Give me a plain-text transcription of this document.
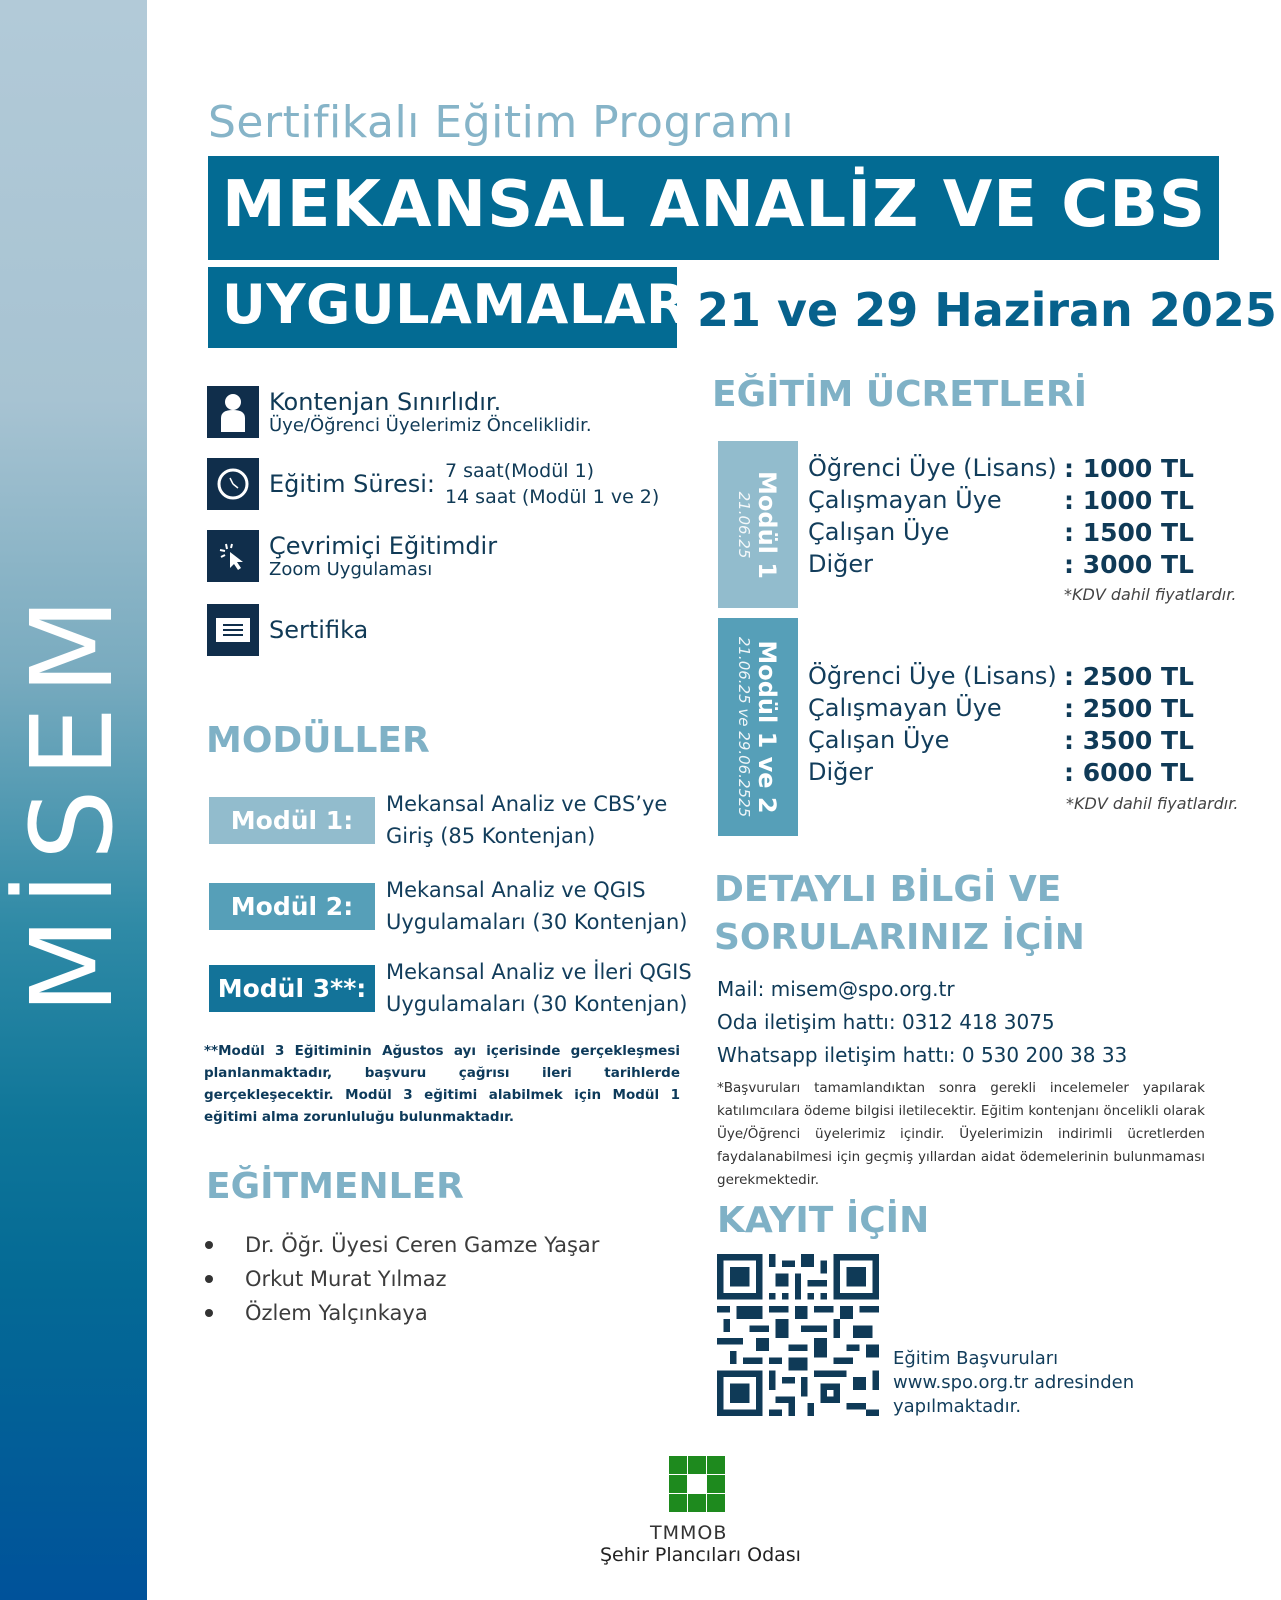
MİSEM
Sertifikalı Eğitim Programı
MEKANSAL ANALİZ VE CBS
UYGULAMALARI
21 ve 29 Haziran 2025
Kontenjan Sınırlıdır.
Üye/Öğrenci Üyelerimiz Önceliklidir.
Eğitim Süresi: 7 saat(Modül 1)
14 saat (Modül 1 ve 2)
Çevrimiçi Eğitimdir
Zoom Uygulaması
Sertifika
MODÜLLER
Modül 1:
Mekansal Analiz ve CBS’ye
Giriş (85 Kontenjan)
Modül 2:
Mekansal Analiz ve QGIS
Uygulamaları (30 Kontenjan)
Modül 3**:
Mekansal Analiz ve İleri QGIS
Uygulamaları (30 Kontenjan)
**Modül 3 Eğitiminin Ağustos ayı içerisinde gerçekleşmesi planlanmaktadır, başvuru çağrısı ileri tarihlerde gerçekleşecektir. Modül 3 eğitimi alabilmek için Modül 1 eğitimi alma zorunluluğu bulunmaktadır.
EĞİTMENLER
Dr. Öğr. Üyesi Ceren Gamze Yaşar
Orkut Murat Yılmaz
Özlem Yalçınkaya
EĞİTİM ÜCRETLERİ
Modül 1
21.06.25
Öğrenci Üye (Lisans) : 1000 TL
Çalışmayan Üye	: 1000 TL
Çalışan Üye	: 1500 TL
Diğer	: 3000 TL
*KDV dahil fiyatlardır.
Modül 1 ve 2
21.06.25 ve 29.06.2525 Öğrenci Üye (Lisans) : 2500 TL
Çalışmayan Üye	: 2500 TL
Çalışan Üye	: 3500 TL
Diğer	: 6000 TL
*KDV dahil fiyatlardır.
DETAYLI BİLGİ VE
SORULARINIZ İÇİN
Mail: misem@spo.org.tr
Oda iletişim hattı: 0312 418 3075
Whatsapp iletişim hattı: 0 530 200 38 33
*Başvuruları tamamlandıktan sonra gerekli incelemeler yapılarak katılımcılara ödeme bilgisi iletilecektir. Eğitim kontenjanı öncelikli olarak Üye/Öğrenci üyelerimiz içindir. Üyelerimizin indirimli ücretlerden faydalanabilmesi için geçmiş yıllardan aidat ödemelerinin bulunmaması gerekmektedir.
KAYIT İÇİN
Eğitim Başvuruları
www.spo.org.tr adresinden
yapılmaktadır.
TMMOB
Şehir Plancıları Odası
